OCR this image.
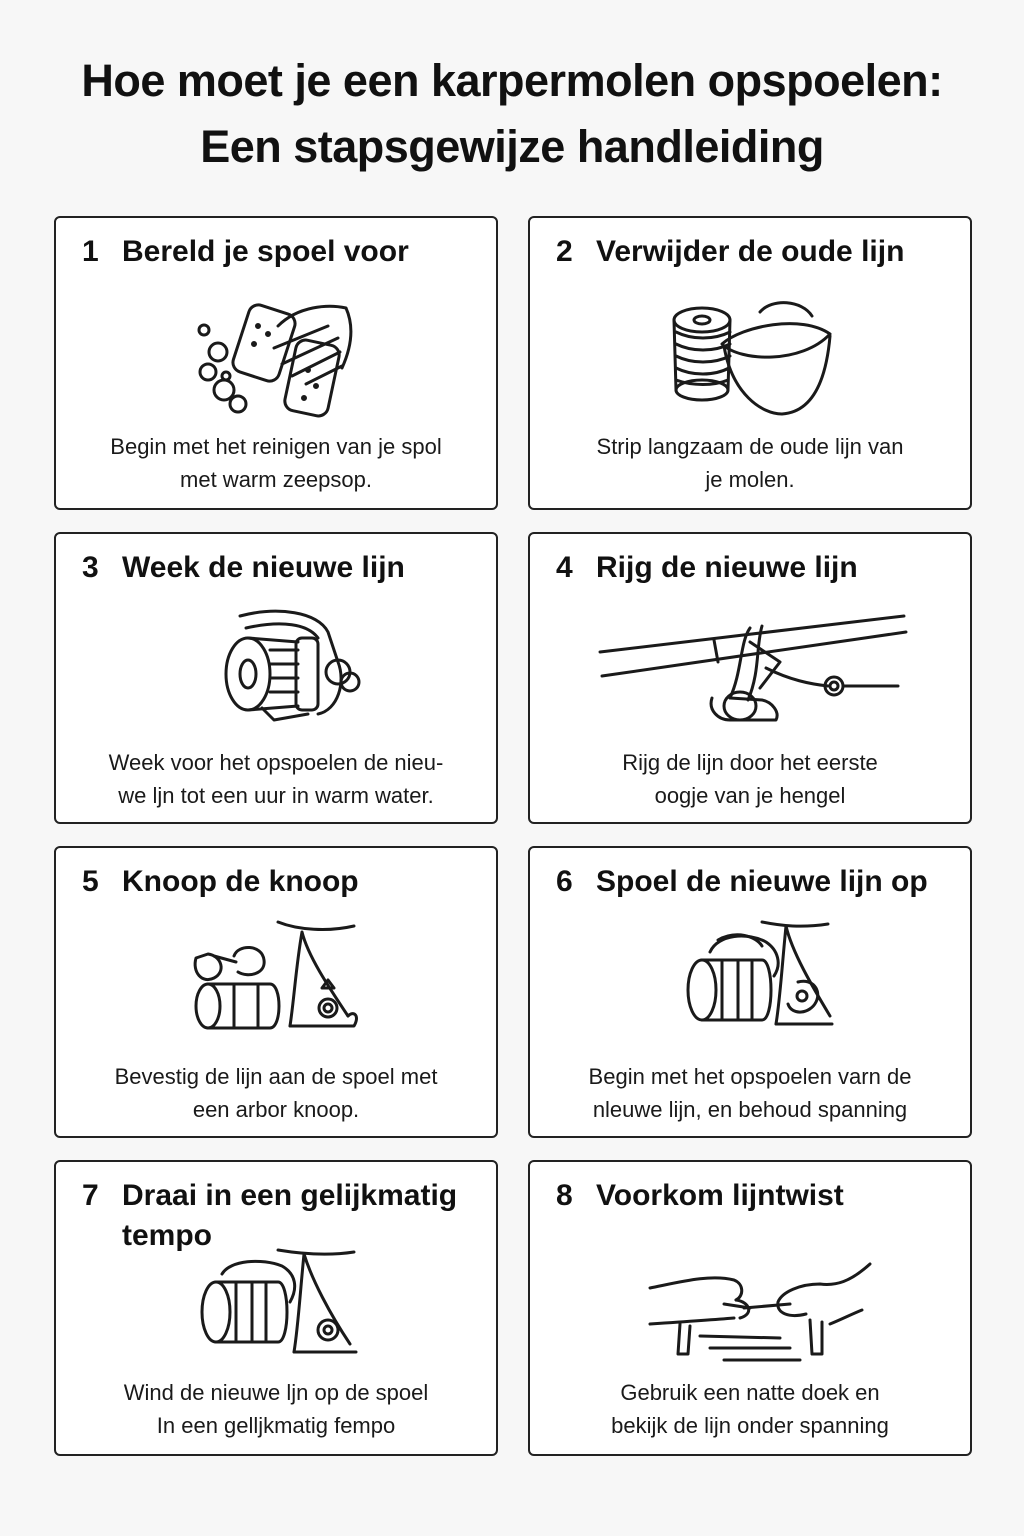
Hoe moet je een karpermolen opspoelen:
Een stapsgewijze handleiding
1 Bereld je spoel voor
Begin met het reinigen van je spol
met warm zeepsop.
2 Verwijder de oude lijn
Strip langzaam de oude lijn van
je molen.
3 Week de nieuwe lijn
Week voor het opspoelen de nieu-
we ljn tot een uur in warm water.
4 Rijg de nieuwe lijn
Rijg de lijn door het eerste
oogje van je hengel
5 Knoop de knoop
Bevestig de lijn aan de spoel met
een arbor knoop.
6 Spoel de nieuwe lijn op
Begin met het opspoelen varn de
nleuwe lijn, en behoud spanning
7 Draai in een gelijkmatig
tempo
Wind de nieuwe ljn op de spoel
In een gelljkmatig fempo
8 Voorkom lijntwist
Gebruik een natte doek en
bekijk de lijn onder spanning
